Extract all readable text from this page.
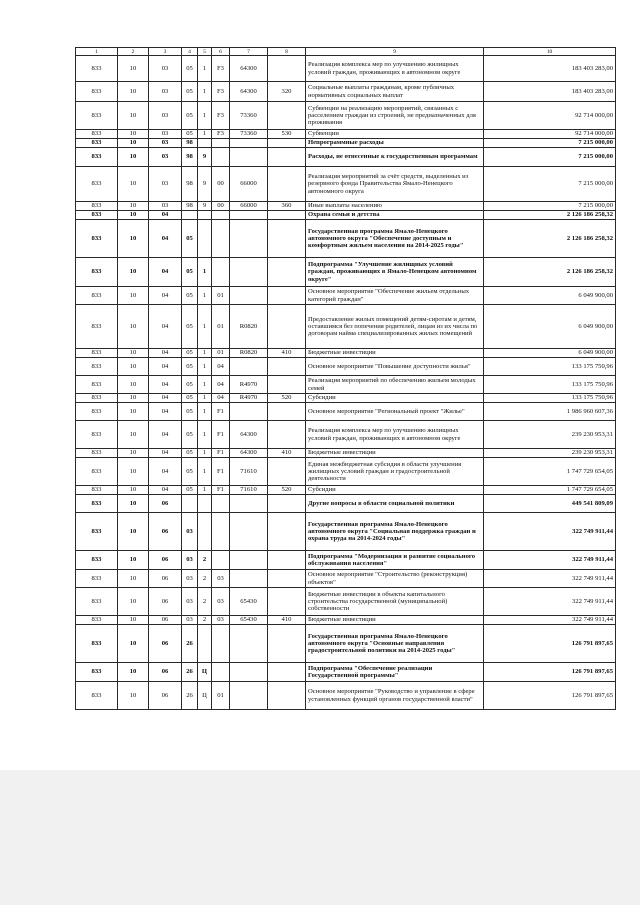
1	2	3	4	5	6	7	8	9	10
833	10	03	05	1	F3	64300		Реализация комплекса мер по улучшению жилищных условий граждан, проживающих в автономном округе	183 403 283,00
833	10	03	05	1	F3	64300	320	Социальные выплаты гражданам, кроме публичных нормативных социальных выплат	183 403 283,00
833	10	03	05	1	F3	73360		Субвенции на реализацию мероприятий, связанных с расселением граждан из строений, не предназначенных для проживания	92 714 000,00
833	10	03	05	1	F3	73360	530	Субвенции	92 714 000,00
833	10	03	98					Непрограммные расходы	7 215 000,00
833	10	03	98	9				Расходы, не отнесенные к государственным программам	7 215 000,00
833	10	03	98	9	00	66000		Реализация мероприятий за счёт средств, выделенных из резервного фонда Правительства Ямало-Ненецкого автономного округа	7 215 000,00
833	10	03	98	9	00	66000	360	Иные выплаты населению	7 215 000,00
833	10	04						Охрана семьи и детства	2 126 186 258,32
833	10	04	05					Государственная программа Ямало-Ненецкого автономного округа "Обеспечение доступным и комфортным жильем населения на 2014-2025 годы"	2 126 186 258,32
833	10	04	05	1				Подпрограмма "Улучшение жилищных условий граждан, проживающих в Ямало-Ненецком автономном округе"	2 126 186 258,32
833	10	04	05	1	01			Основное мероприятие "Обеспечение жильем отдельных категорий граждан"	6 049 900,00
833	10	04	05	1	01	R0820		Предоставление жилых помещений детям-сиротам и детям, оставшимся без попечения родителей, лицам из их числа по договорам найма специализированных жилых помещений	6 049 900,00
833	10	04	05	1	01	R0820	410	Бюджетные инвестиции	6 049 900,00
833	10	04	05	1	04			Основное мероприятие "Повышение доступности жилья"	133 175 750,96
833	10	04	05	1	04	R4970		Реализация мероприятий по обеспечению жильем молодых семей	133 175 750,96
833	10	04	05	1	04	R4970	520	Субсидии	133 175 750,96
833	10	04	05	1	F1			Основное мероприятие "Региональный проект "Жилье"	1 986 960 607,36
833	10	04	05	1	F1	64300		Реализация комплекса мер по улучшению жилищных условий граждан, проживающих в автономном округе	239 230 953,31
833	10	04	05	1	F1	64300	410	Бюджетные инвестиции	239 230 953,31
833	10	04	05	1	F1	71610		Единая межбюджетная субсидия в области улучшения жилищных условий граждан и градостроительной деятельности	1 747 729 654,05
833	10	04	05	1	F1	71610	520	Субсидии	1 747 729 654,05
833	10	06						Другие вопросы в области социальной политики	449 541 809,09
833	10	06	03					Государственная программа Ямало-Ненецкого автономного округа "Социальная поддержка граждан и охрана труда на 2014-2024 годы"	322 749 911,44
833	10	06	03	2				Подпрограмма "Модернизация и развитие социального обслуживания населения"	322 749 911,44
833	10	06	03	2	03			Основное мероприятие "Строительство (реконструкция) объектов"	322 749 911,44
833	10	06	03	2	03	65430		Бюджетные инвестиции в объекты капитального строительства государственной (муниципальной) собственности	322 749 911,44
833	10	06	03	2	03	65430	410	Бюджетные инвестиции	322 749 911,44
833	10	06	26					Государственная программа Ямало-Ненецкого автономного округа "Основные направления градостроительной политики на 2014-2025 годы"	126 791 897,65
833	10	06	26	Ц				Подпрограмма "Обеспечение реализации Государственной программы"	126 791 897,65
833	10	06	26	Ц	01			Основное мероприятие "Руководство и управление в сфере установленных функций органов государственной власти"	126 791 897,65
